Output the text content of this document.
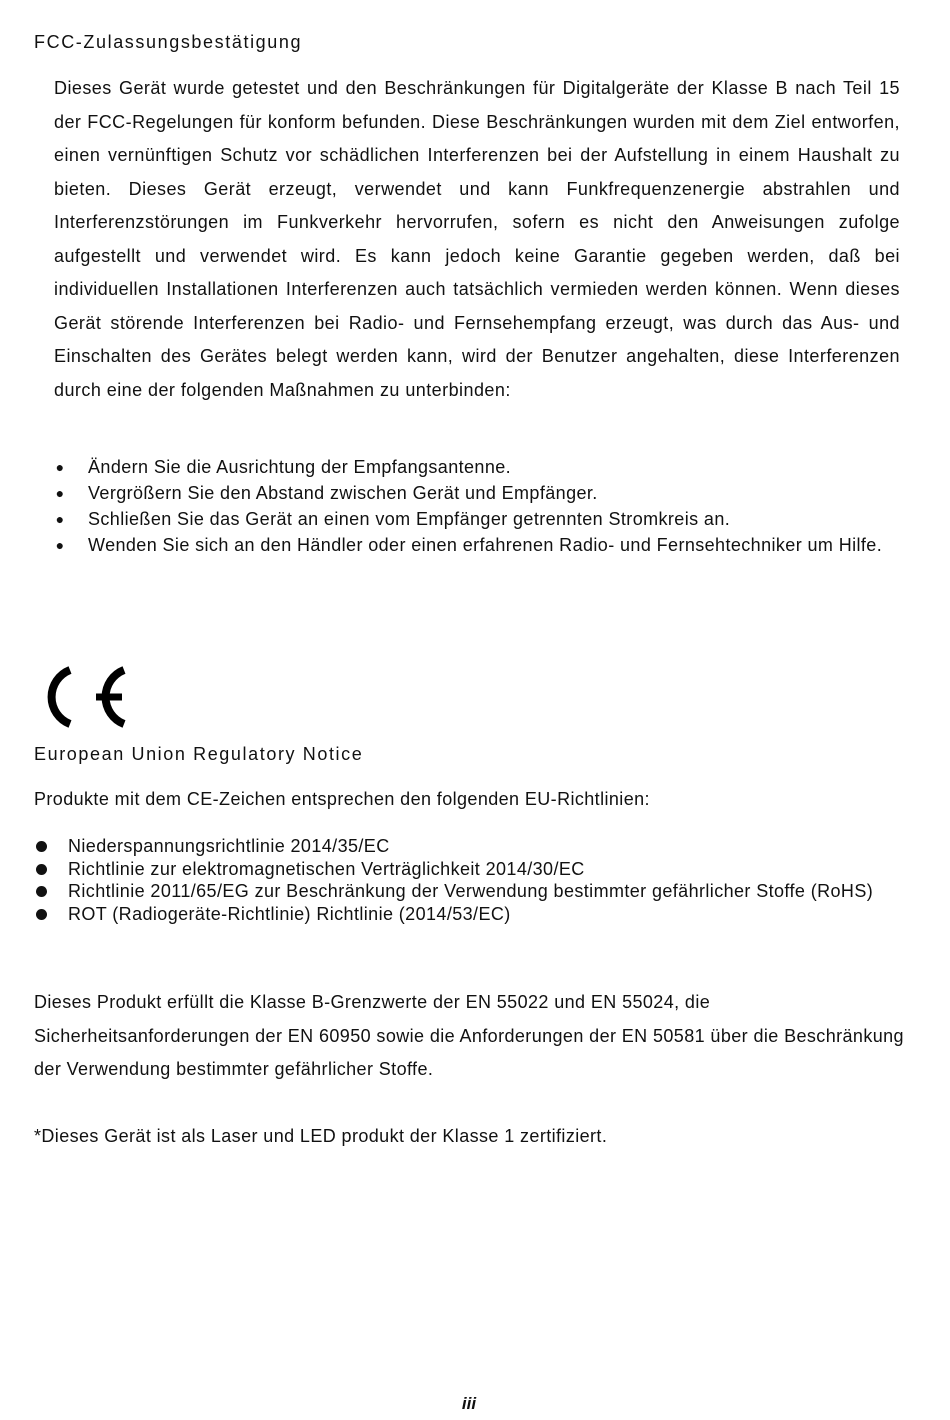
FCC-Zulassungsbestätigung

Dieses Gerät wurde getestet und den Beschränkungen für Digitalgeräte der Klasse B nach Teil 15 der FCC-Regelungen für konform befunden. Diese Beschränkungen wurden mit dem Ziel entworfen, einen vernünftigen Schutz vor schädlichen Interferenzen bei der Aufstellung in einem Haushalt zu bieten. Dieses Gerät erzeugt, verwendet und kann Funkfrequenzenergie abstrahlen und Interferenzstörungen im Funkverkehr hervorrufen, sofern es nicht den Anweisungen zufolge aufgestellt und verwendet wird. Es kann jedoch keine Garantie gegeben werden, daß bei individuellen Installationen Interferenzen auch tatsächlich vermieden werden können. Wenn dieses Gerät störende Interferenzen bei Radio- und Fernsehempfang erzeugt, was durch das Aus- und Einschalten des Gerätes belegt werden kann, wird der Benutzer angehalten, diese Interferenzen durch eine der folgenden Maßnahmen zu unterbinden:

● Ändern Sie die Ausrichtung der Empfangsantenne.
● Vergrößern Sie den Abstand zwischen Gerät und Empfänger.
● Schließen Sie das Gerät an einen vom Empfänger getrennten Stromkreis an.
● Wenden Sie sich an den Händler oder einen erfahrenen Radio- und Fernsehtechniker um Hilfe.
European Union Regulatory Notice

Produkte mit dem CE-Zeichen entsprechen den folgenden EU-Richtlinien:

Niederspannungsrichtlinie 2014/35/EC
Richtlinie zur elektromagnetischen Verträglichkeit 2014/30/EC
Richtlinie 2011/65/EG zur Beschränkung der Verwendung bestimmter gefährlicher Stoffe (RoHS)
ROT (Radiogeräte-Richtlinie) Richtlinie (2014/53/EC)

Dieses Produkt erfüllt die Klasse B-Grenzwerte der EN 55022 und EN 55024, die Sicherheitsanforderungen der EN 60950 sowie die Anforderungen der EN 50581 über die Beschränkung der Verwendung bestimmter gefährlicher Stoffe.

*Dieses Gerät ist als Laser und LED produkt der Klasse 1 zertifiziert.

iii
